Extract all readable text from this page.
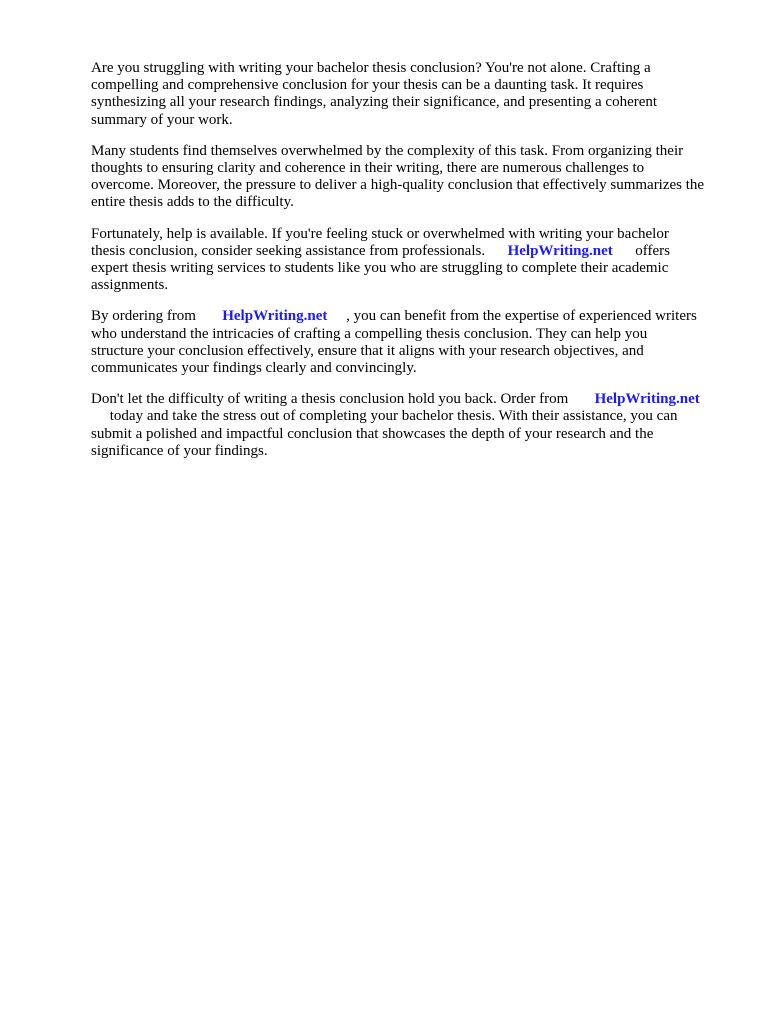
Are you struggling with writing your bachelor thesis conclusion? You're not alone. Crafting a
compelling and comprehensive conclusion for your thesis can be a daunting task. It requires
synthesizing all your research findings, analyzing their significance, and presenting a coherent
summary of your work.

Many students find themselves overwhelmed by the complexity of this task. From organizing their
thoughts to ensuring clarity and coherence in their writing, there are numerous challenges to
overcome. Moreover, the pressure to deliver a high-quality conclusion that effectively summarizes the
entire thesis adds to the difficulty.

Fortunately, help is available. If you're feeling stuck or overwhelmed with writing your bachelor
thesis conclusion, consider seeking assistance from professionals.      HelpWriting.net      offers
expert thesis writing services to students like you who are struggling to complete their academic
assignments.

By ordering from       HelpWriting.net     , you can benefit from the expertise of experienced writers
who understand the intricacies of crafting a compelling thesis conclusion. They can help you
structure your conclusion effectively, ensure that it aligns with your research objectives, and
communicates your findings clearly and convincingly.

Don't let the difficulty of writing a thesis conclusion hold you back. Order from       HelpWriting.net
today and take the stress out of completing your bachelor thesis. With their assistance, you can
submit a polished and impactful conclusion that showcases the depth of your research and the
significance of your findings.
